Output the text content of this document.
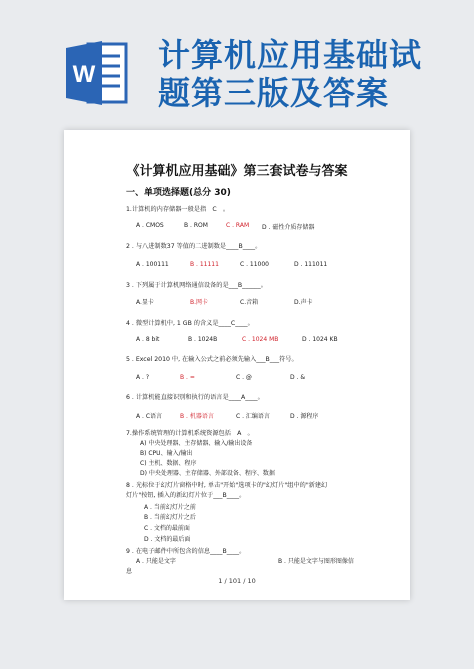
W
计算机应用基础试
题第三版及答案
《计算机应用基础》第三套试卷与答案
一、单项选择题(总分 30)
1.计算机的内存储器一般是指　C　。
A . CMOS	B . ROM	C . RAM D . 磁性介质存储器
2 . 与八进制数37 等值的二进制数是____B____。
A . 100111	B . 11111	C . 11000	D . 111011
3 . 下列属于计算机网络通信设备的是___B______。
A.显卡	B.网卡	C.音箱	D.声卡
4 . 微型计算机中, 1 GB 的含义是____C____。
A . 8 bit	B . 1024B	C . 1024 MB	D . 1024 KB
5 . Excel 2010 中, 在输入公式之前必须先输入___B___符号。
A . ?	B . =	C . @	D . &
6 . 计算机能直接识别和执行的语言是____A____。
A . C语言	B . 机器语言	C . 汇编语言	D . 源程序
7.操作系统管理的计算机系统资源包括　A　。
A) 中央处理器、主存储器、输入/输出设备
B) CPU、输入/输出
C) 主机、数据、程序
D) 中央处理器、主存储器、外部设备、程序、数据
8 . 光标位于幻灯片窗格中时, 单击"开始"选项卡的"幻灯片"组中的"新建幻
灯片"按钮, 插入的新幻灯片位于___B____。
A . 当前幻灯片之前
B . 当前幻灯片之后
C . 文档的最前面
D . 文档的最后面
9 . 在电子邮件中所包含的信息____B____。
A . 只能是文字	B . 只能是文字与图形图像信
息
1 / 101 / 10
